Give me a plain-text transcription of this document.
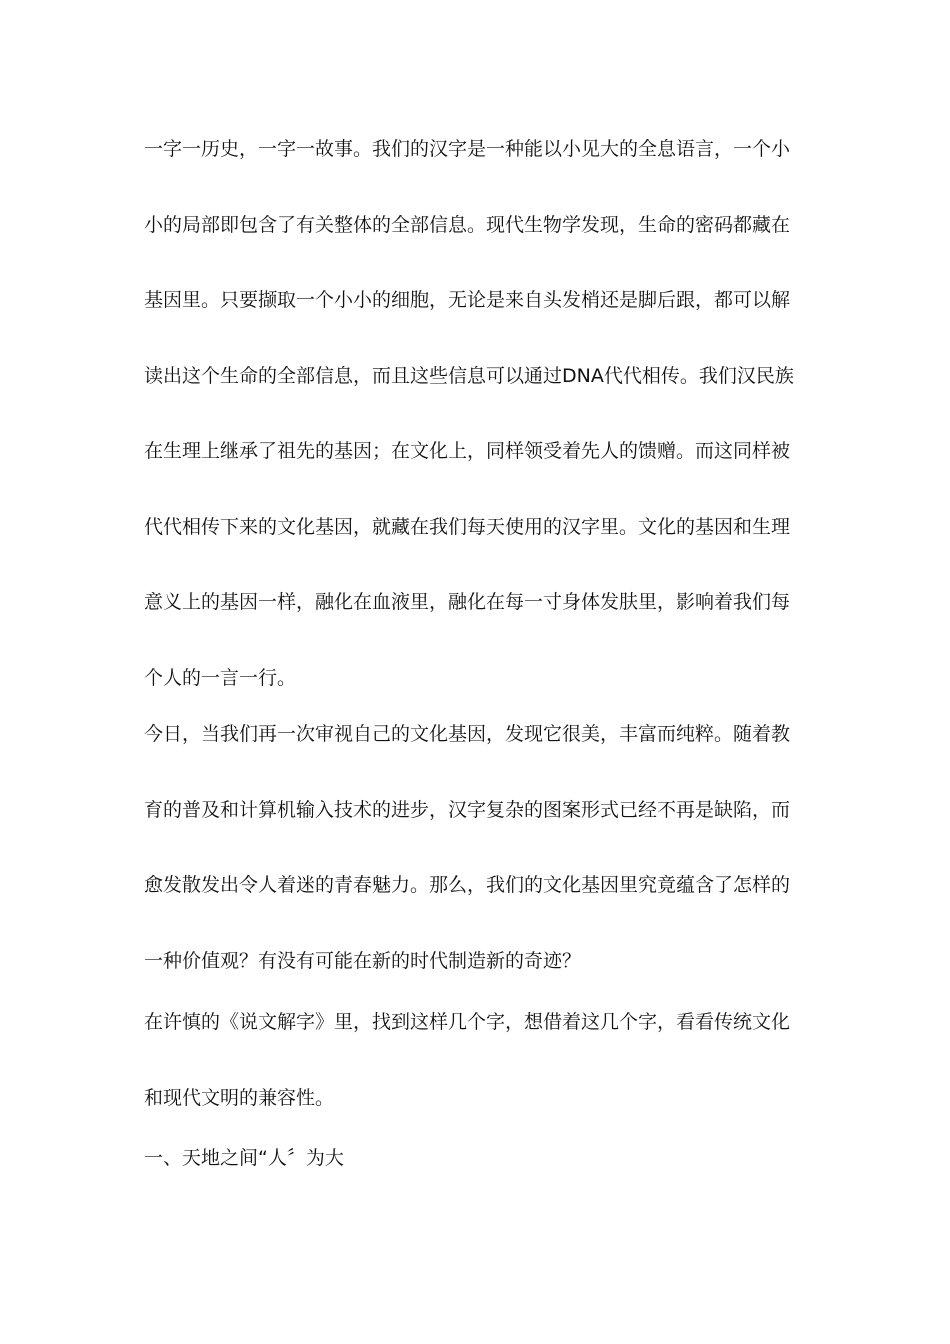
一字一历史，一字一故事。我们的汉字是一种能以小见大的全息语言，一个小
小的局部即包含了有关整体的全部信息。现代生物学发现，生命的密码都藏在
基因里。只要撷取一个小小的细胞，无论是来自头发梢还是脚后跟，都可以解
读出这个生命的全部信息，而且这些信息可以通过DNA代代相传。我们汉民族
在生理上继承了祖先的基因；在文化上，同样领受着先人的馈赠。而这同样被
代代相传下来的文化基因，就藏在我们每天使用的汉字里。文化的基因和生理
意义上的基因一样，融化在血液里，融化在每一寸身体发肤里，影响着我们每
个人的一言一行。

今日，当我们再一次审视自己的文化基因，发现它很美，丰富而纯粹。随着教
育的普及和计算机输入技术的进步，汉字复杂的图案形式已经不再是缺陷，而
愈发散发出令人着迷的青春魅力。那么，我们的文化基因里究竟蕴含了怎样的
一种价值观？有没有可能在新的时代制造新的奇迹？

在许慎的《说文解字》里，找到这样几个字，想借着这几个字，看看传统文化
和现代文明的兼容性。

一、天地之间“人〞为大
